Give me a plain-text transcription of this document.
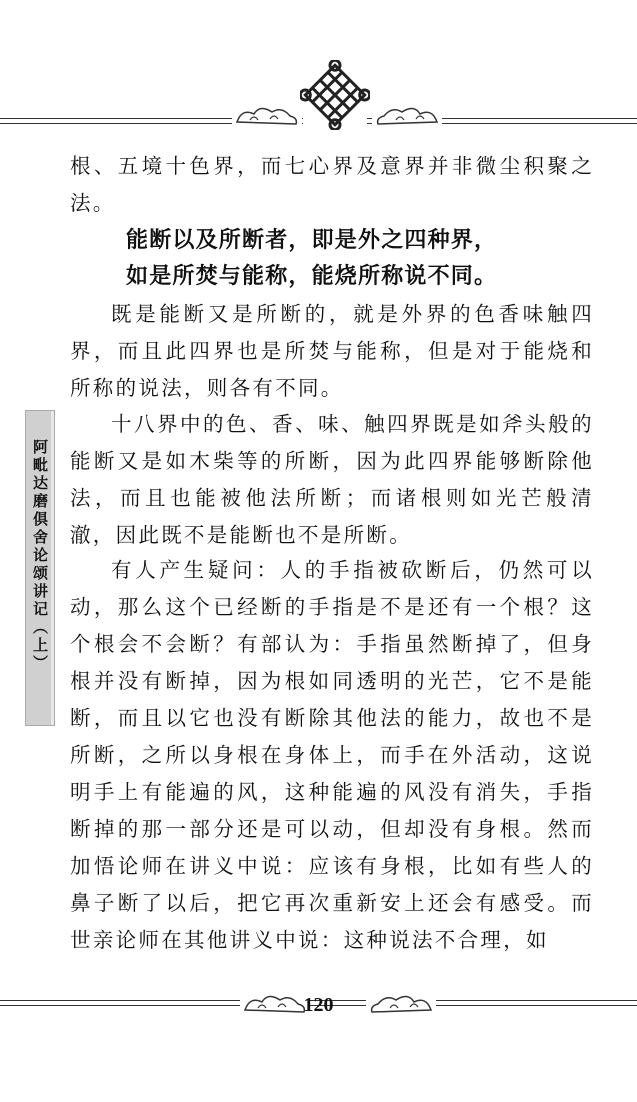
阿毗达磨俱舍论颂讲记（上）

根、五境十色界，而七心界及意界并非微尘积聚之法。

能断以及所断者，即是外之四种界，
如是所焚与能称，能烧所称说不同。

既是能断又是所断的，就是外界的色香味触四界，而且此四界也是所焚与能称，但是对于能烧和所称的说法，则各有不同。

十八界中的色、香、味、触四界既是如斧头般的能断又是如木柴等的所断，因为此四界能够断除他法，而且也能被他法所断；而诸根则如光芒般清澈，因此既不是能断也不是所断。

有人产生疑问：人的手指被砍断后，仍然可以动，那么这个已经断的手指是不是还有一个根？这个根会不会断？有部认为：手指虽然断掉了，但身根并没有断掉，因为根如同透明的光芒，它不是能断，而且以它也没有断除其他法的能力，故也不是所断，之所以身根在身体上，而手在外活动，这说明手上有能遍的风，这种能遍的风没有消失，手指断掉的那一部分还是可以动，但却没有身根。然而加悟论师在讲义中说：应该有身根，比如有些人的鼻子断了以后，把它再次重新安上还会有感受。而世亲论师在其他讲义中说：这种说法不合理，如

120
